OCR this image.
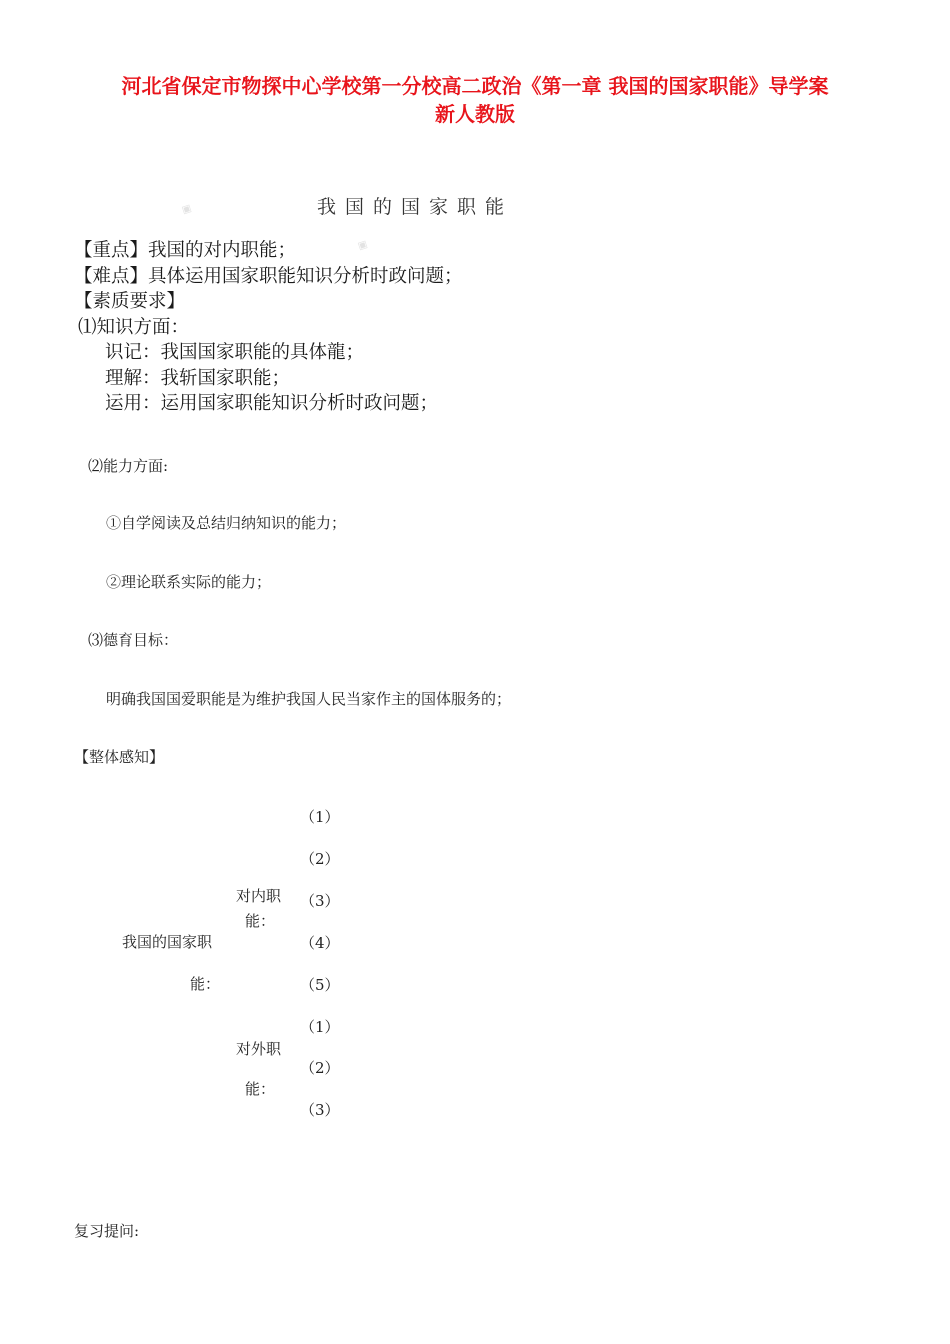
河北省保定市物探中心学校第一分校高二政治《第一章 我国的国家职能》导学案
新人教版
▣
▣
我国的国家职能
【重点】我国的对内职能；
【难点】具体运用国家职能知识分析时政问题；
【素质要求】
⑴知识方面：
识记：我国国家职能的具体龍；
理解：我斩国家职能；
运用：运用国家职能知识分析时政问题；
⑵能力方面:
①自学阅读及总结归纳知识的能力；
②理论联系实际的能力；
⑶德育目标：
明确我国国爱职能是为维护我国人民当家作主的国体服务的；
【整体感知】
我国的国家职
能：
对内职
能：
对外职
能：
（1）
（2）
（3）
（4）
（5）
（1）
（2）
（3）
复习提问:
